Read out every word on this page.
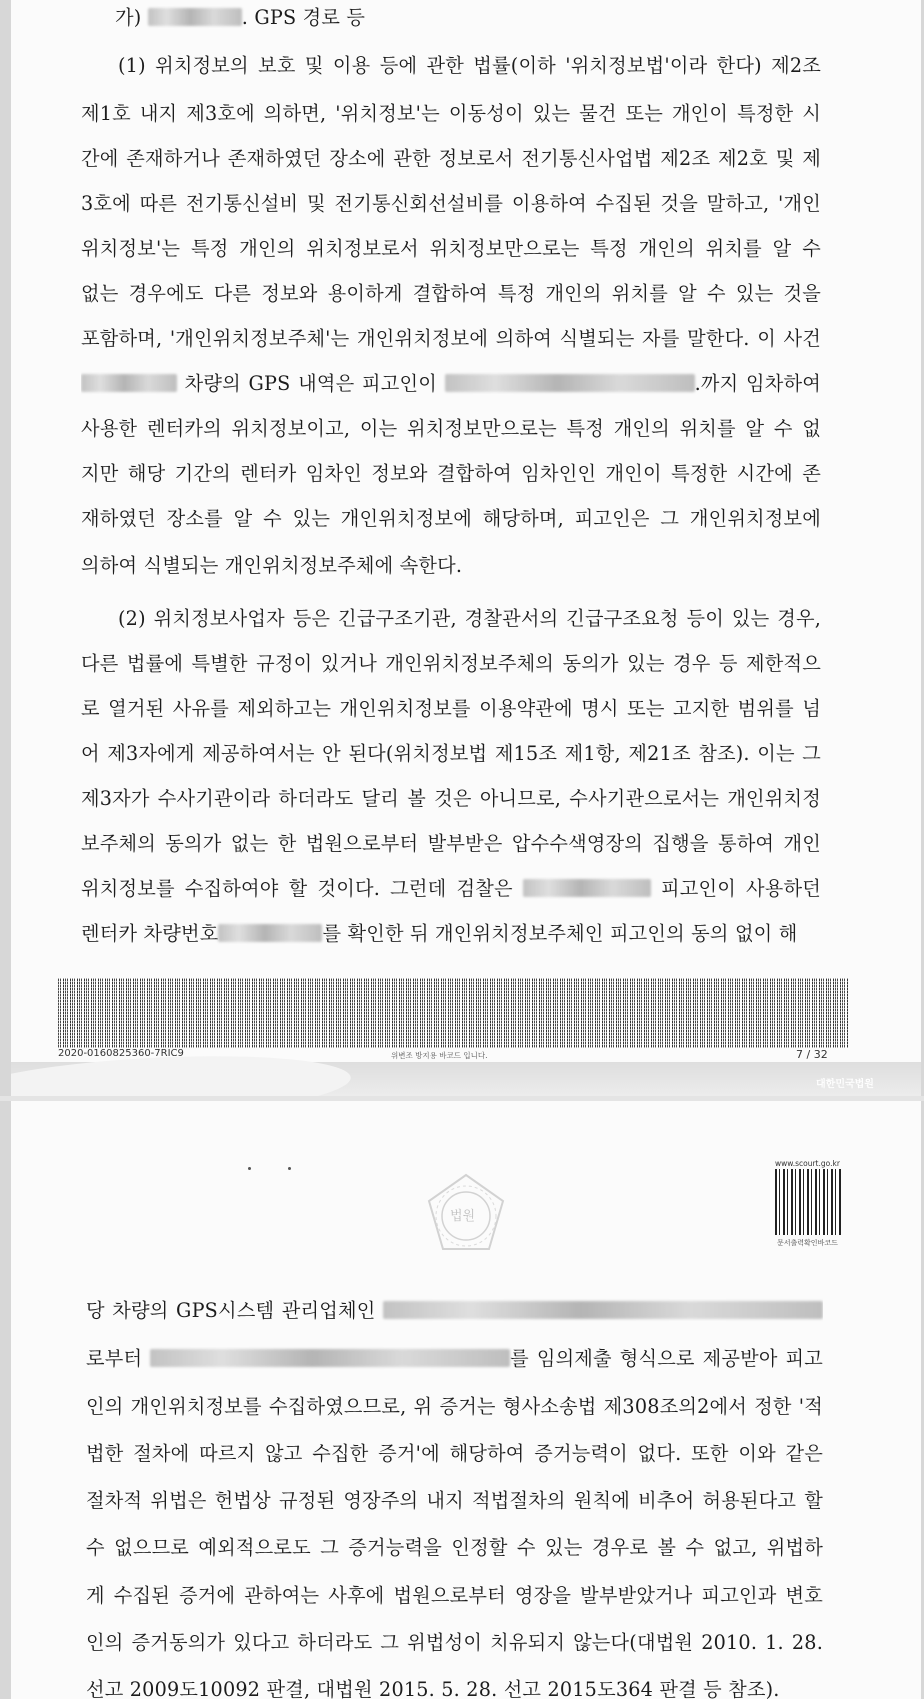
가)	. GPS 경로 등
(1) 위치정보의 보호 및 이용 등에 관한 법률(이하 '위치정보법'이라 한다) 제2조
제1호 내지 제3호에 의하면, '위치정보'는 이동성이 있는 물건 또는 개인이 특정한 시
간에 존재하거나 존재하였던 장소에 관한 정보로서 전기통신사업법 제2조 제2호 및 제
3호에 따른 전기통신설비 및 전기통신회선설비를 이용하여 수집된 것을 말하고, '개인
위치정보'는 특정 개인의 위치정보로서 위치정보만으로는 특정 개인의 위치를 알 수
없는 경우에도 다른 정보와 용이하게 결합하여 특정 개인의 위치를 알 수 있는 것을
포함하며, '개인위치정보주체'는 개인위치정보에 의하여 식별되는 자를 말한다. 이 사건
차량의 GPS 내역은 피고인이	.까지 임차하여
사용한 렌터카의 위치정보이고, 이는 위치정보만으로는 특정 개인의 위치를 알 수 없
지만 해당 기간의 렌터카 임차인 정보와 결합하여 임차인인 개인이 특정한 시간에 존
재하였던 장소를 알 수 있는 개인위치정보에 해당하며, 피고인은 그 개인위치정보에
의하여 식별되는 개인위치정보주체에 속한다.
(2) 위치정보사업자 등은 긴급구조기관, 경찰관서의 긴급구조요청 등이 있는 경우,
다른 법률에 특별한 규정이 있거나 개인위치정보주체의 동의가 있는 경우 등 제한적으
로 열거된 사유를 제외하고는 개인위치정보를 이용약관에 명시 또는 고지한 범위를 넘
어 제3자에게 제공하여서는 안 된다(위치정보법 제15조 제1항, 제21조 참조). 이는 그
제3자가 수사기관이라 하더라도 달리 볼 것은 아니므로, 수사기관으로서는 개인위치정
보주체의 동의가 없는 한 법원으로부터 발부받은 압수수색영장의 집행을 통하여 개인
위치정보를 수집하여야 할 것이다. 그런데 검찰은	피고인이 사용하던
렌터카 차량번호	를 확인한 뒤 개인위치정보주체인 피고인의 동의 없이 해
2020-0160825360-7RIC9	위변조 방지용 바코드 입니다.	7 / 32
대한민국법원
법원
www.scourt.go.kr
문서출력확인바코드
당 차량의 GPS시스템 관리업체인
로부터	를 임의제출 형식으로 제공받아 피고
인의 개인위치정보를 수집하였으므로, 위 증거는 형사소송법 제308조의2에서 정한 '적
법한 절차에 따르지 않고 수집한 증거'에 해당하여 증거능력이 없다. 또한 이와 같은
절차적 위법은 헌법상 규정된 영장주의 내지 적법절차의 원칙에 비추어 허용된다고 할
수 없으므로 예외적으로도 그 증거능력을 인정할 수 있는 경우로 볼 수 없고, 위법하
게 수집된 증거에 관하여는 사후에 법원으로부터 영장을 발부받았거나 피고인과 변호
인의 증거동의가 있다고 하더라도 그 위법성이 치유되지 않는다(대법원 2010. 1. 28.
선고 2009도10092 판결, 대법원 2015. 5. 28. 선고 2015도364 판결 등 참조).
